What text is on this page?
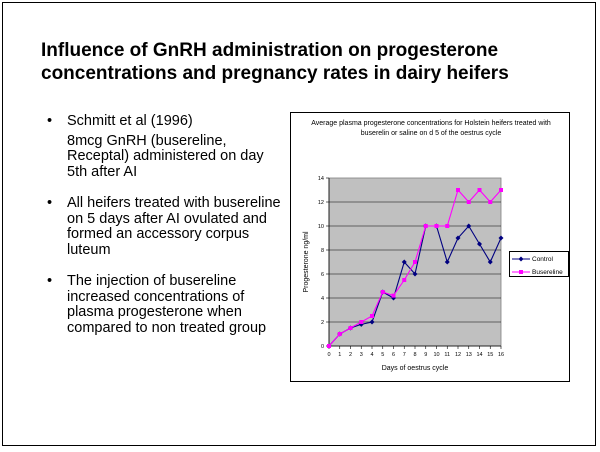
Influence of GnRH administration on progesterone concentrations and pregnancy rates in dairy heifers
•	Schmitt et al (1996)
8mcg GnRH (busereline, Receptal) administered on day 5th after AI
•	All heifers treated with busereline on 5 days after AI ovulated and formed an accessory corpus luteum
•	The injection of busereline increased concentrations of plasma progesterone when compared to non treated group
Average plasma progesterone concentrations for Holstein heifers treated with buserelin or saline on d 5 of the oestrus cycle
0
2
4
6
8
10
12
14
0 1 2 3 4 5 6 7 8 9 10 11 12 13 14 15 16
Days of oestrus cycle
Progesterone ng/ml	Control
Busereline
